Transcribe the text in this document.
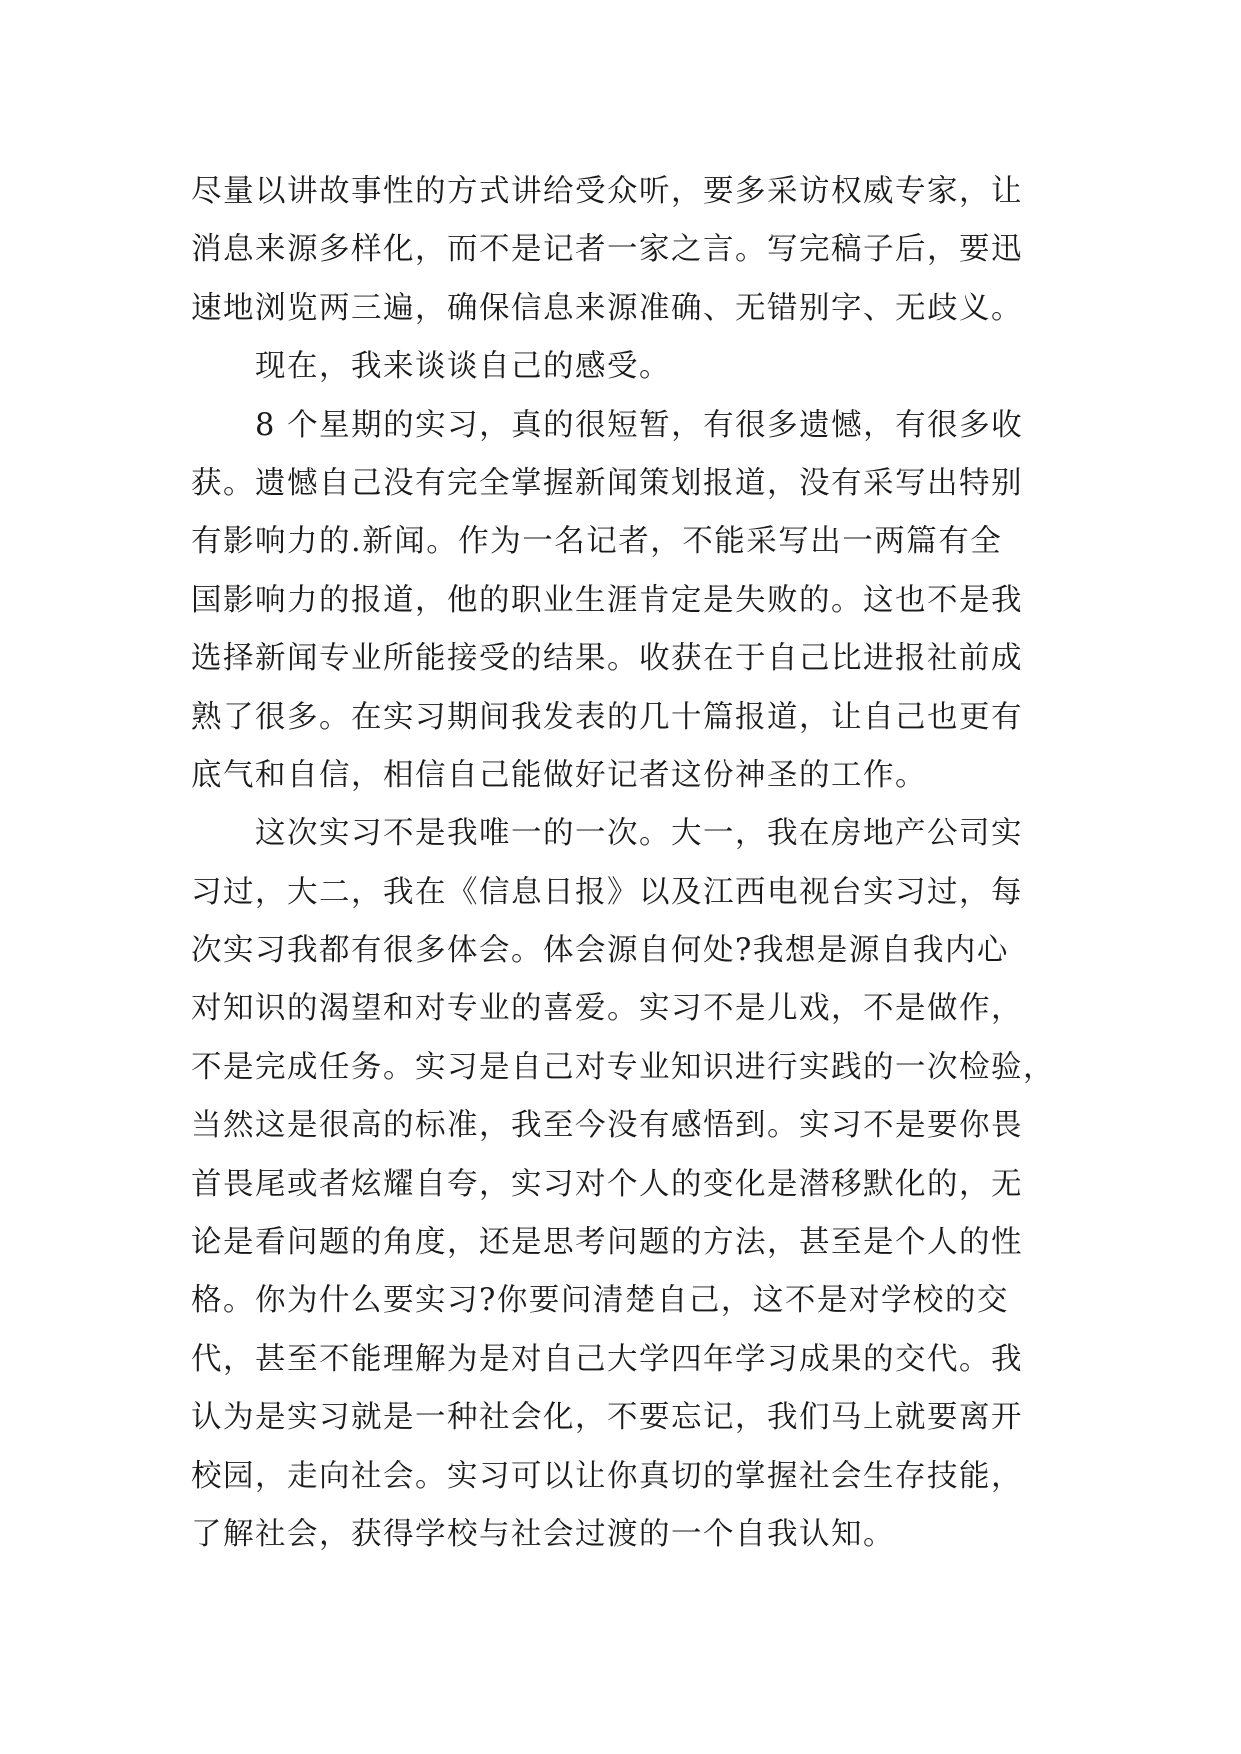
尽量以讲故事性的方式讲给受众听，要多采访权威专家，让
消息来源多样化，而不是记者一家之言。写完稿子后，要迅
速地浏览两三遍，确保信息来源准确、无错别字、无歧义。
现在，我来谈谈自己的感受。
8 个星期的实习，真的很短暂，有很多遗憾，有很多收
获。遗憾自己没有完全掌握新闻策划报道，没有采写出特别
有影响力的.新闻。作为一名记者，不能采写出一两篇有全
国影响力的报道，他的职业生涯肯定是失败的。这也不是我
选择新闻专业所能接受的结果。收获在于自己比进报社前成
熟了很多。在实习期间我发表的几十篇报道，让自己也更有
底气和自信，相信自己能做好记者这份神圣的工作。
这次实习不是我唯一的一次。大一，我在房地产公司实
习过，大二，我在《信息日报》以及江西电视台实习过，每
次实习我都有很多体会。体会源自何处?我想是源自我内心
对知识的渴望和对专业的喜爱。实习不是儿戏，不是做作，
不是完成任务。实习是自己对专业知识进行实践的一次检验，
当然这是很高的标准，我至今没有感悟到。实习不是要你畏
首畏尾或者炫耀自夸，实习对个人的变化是潜移默化的，无
论是看问题的角度，还是思考问题的方法，甚至是个人的性
格。你为什么要实习?你要问清楚自己，这不是对学校的交
代，甚至不能理解为是对自己大学四年学习成果的交代。我
认为是实习就是一种社会化，不要忘记，我们马上就要离开
校园，走向社会。实习可以让你真切的掌握社会生存技能，
了解社会，获得学校与社会过渡的一个自我认知。
